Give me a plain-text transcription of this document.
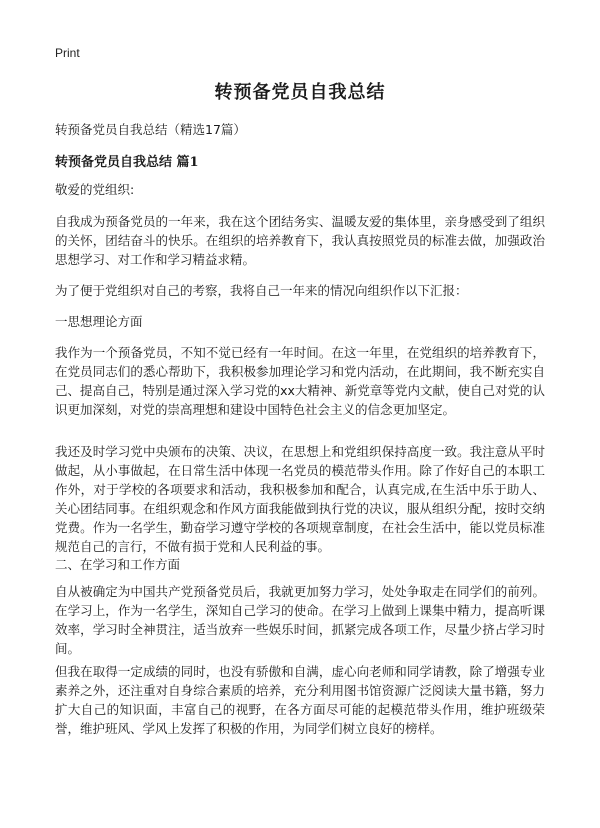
Print
转预备党员自我总结
转预备党员自我总结（精选17篇）
转预备党员自我总结 篇1

敬爱的党组织:

自我成为预备党员的一年来，我在这个团结务实、温暖友爱的集体里，亲身感受到了组织的关怀，团结奋斗的快乐。在组织的培养教育下，我认真按照党员的标准去做，加强政治思想学习、对工作和学习精益求精。

为了便于党组织对自己的考察，我将自己一年来的情况向组织作以下汇报：

一思想理论方面

我作为一个预备党员，不知不觉已经有一年时间。在这一年里，在党组织的培养教育下，在党员同志们的悉心帮助下，我积极参加理论学习和党内活动，在此期间，我不断充实自己、提高自己，特别是通过深入学习党的xx大精神、新党章等党内文献，使自己对党的认识更加深刻，对党的崇高理想和建设中国特色社会主义的信念更加坚定。

我还及时学习党中央颁布的决策、决议，在思想上和党组织保持高度一致。我注意从平时做起，从小事做起，在日常生活中体现一名党员的模范带头作用。除了作好自己的本职工作外，对于学校的各项要求和活动，我积极参加和配合，认真完成,在生活中乐于助人、关心团结同事。在组织观念和作风方面我能做到执行党的决议，服从组织分配，按时交纳党费。作为一名学生，勤奋学习遵守学校的各项规章制度，在社会生活中，能以党员标准规范自己的言行，不做有损于党和人民利益的事。

二、在学习和工作方面

自从被确定为中国共产党预备党员后，我就更加努力学习，处处争取走在同学们的前列。在学习上，作为一名学生，深知自己学习的使命。在学习上做到上课集中精力，提高听课效率，学习时全神贯注，适当放弃一些娱乐时间，抓紧完成各项工作，尽量少挤占学习时间。

但我在取得一定成绩的同时，也没有骄傲和自满，虚心向老师和同学请教，除了增强专业素养之外，还注重对自身综合素质的培养，充分利用图书馆资源广泛阅读大量书籍，努力扩大自己的知识面，丰富自己的视野，在各方面尽可能的起模范带头作用，维护班级荣誉，维护班风、学风上发挥了积极的作用，为同学们树立良好的榜样。
